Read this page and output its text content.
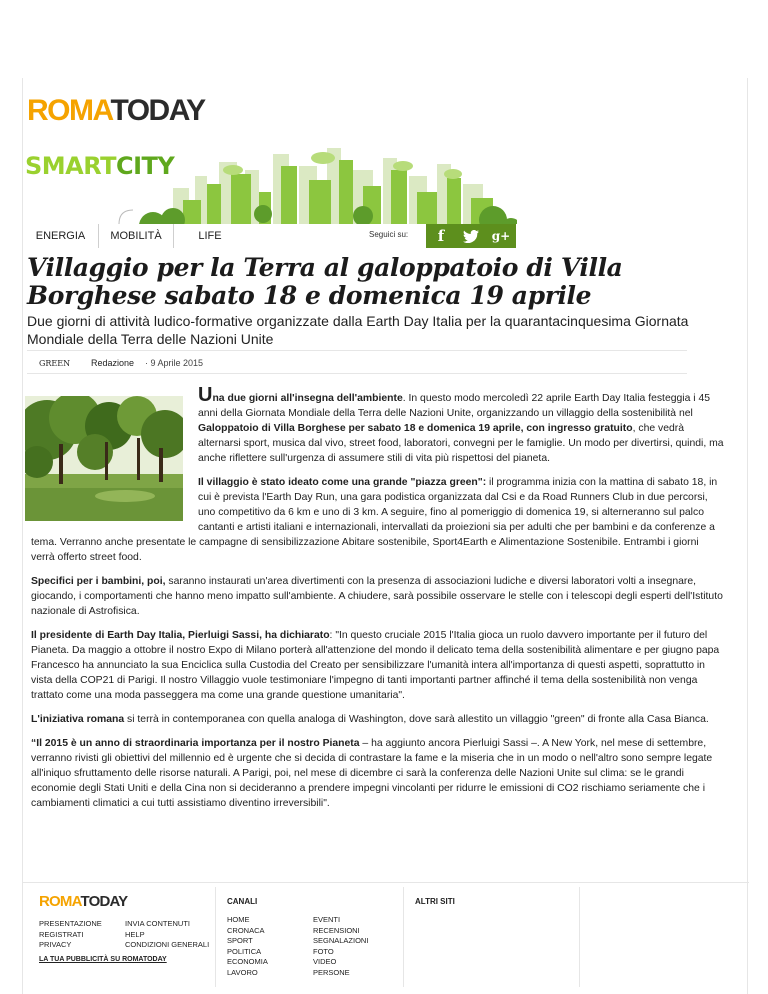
ROMATODAY
SMARTCITY
ENERGIA	MOBILITÀ	LIFE	Seguici su:	f	g+
Villaggio per la Terra al galoppatoio di Villa Borghese sabato 18 e domenica 19 aprile
Due giorni di attività ludico-formative organizzate dalla Earth Day Italia per la quarantacinquesima Giornata Mondiale della Terra delle Nazioni Unite
GREEN Redazione · 9 Aprile 2015

Una due giorni all'insegna dell'ambiente. In questo modo mercoledì 22 aprile Earth Day Italia festeggia i 45 anni della Giornata Mondiale della Terra delle Nazioni Unite, organizzando un villaggio della sostenibilità nel Galoppatoio di Villa Borghese per sabato 18 e domenica 19 aprile, con ingresso gratuito, che vedrà alternarsi sport, musica dal vivo, street food, laboratori, convegni per le famiglie. Un modo per divertirsi, quindi, ma anche riflettere sull'urgenza di assumere stili di vita più rispettosi del pianeta.

Il villaggio è stato ideato come una grande "piazza green": il programma inizia con la mattina di sabato 18, in cui è prevista l'Earth Day Run, una gara podistica organizzata dal Csi e da Road Runners Club in due percorsi, uno competitivo da 6 km e uno di 3 km. A seguire, fino al pomeriggio di domenica 19, si alterneranno sul palco cantanti e artisti italiani e internazionali, intervallati da proiezioni sia per adulti che per bambini e da conferenze a tema. Verranno anche presentate le campagne di sensibilizzazione Abitare sostenibile, Sport4Earth e Alimentazione Sostenibile. Entrambi i giorni verrà offerto street food.

Specifici per i bambini, poi, saranno instaurati un'area divertimenti con la presenza di associazioni ludiche e diversi laboratori volti a insegnare, giocando, i comportamenti che hanno meno impatto sull'ambiente. A chiudere, sarà possibile osservare le stelle con i telescopi degli esperti dell'Istituto nazionale di Astrofisica.

Il presidente di Earth Day Italia, Pierluigi Sassi, ha dichiarato: "In questo cruciale 2015 l'Italia gioca un ruolo davvero importante per il futuro del Pianeta. Da maggio a ottobre il nostro Expo di Milano porterà all'attenzione del mondo il delicato tema della sostenibilità alimentare e per giugno papa Francesco ha annunciato la sua Enciclica sulla Custodia del Creato per sensibilizzare l'umanità intera all'importanza di questi aspetti, soprattutto in vista della COP21 di Parigi. Il nostro Villaggio vuole testimoniare l'impegno di tanti importanti partner affinché il tema della sostenibilità non venga trattato come una moda passeggera ma come una grande questione umanitaria".

L'iniziativa romana si terrà in contemporanea con quella analoga di Washington, dove sarà allestito un villaggio "green" di fronte alla Casa Bianca.

“Il 2015 è un anno di straordinaria importanza per il nostro Pianeta – ha aggiunto ancora Pierluigi Sassi –. A New York, nel mese di settembre, verranno rivisti gli obiettivi del millennio ed è urgente che si decida di contrastare la fame e la miseria che in un modo o nell'altro sono sempre legate all'iniquo sfruttamento delle risorse naturali. A Parigi, poi, nel mese di dicembre ci sarà la conferenza delle Nazioni Unite sul clima: se le grandi economie degli Stati Uniti e della Cina non si decideranno a prendere impegni vincolanti per ridurre le emissioni di CO2 rischiamo seriamente che i cambiamenti climatici a cui tutti assistiamo diventino irreversibili".

ROMATODAY
PRESENTAZIONE
REGISTRATI
PRIVACY
INVIA CONTENUTI
HELP
CONDIZIONI GENERALI
LA TUA PUBBLICITÀ SU ROMATODAY
CANALI
HOME
CRONACA
SPORT
POLITICA
ECONOMIA
LAVORO
EVENTI
RECENSIONI
SEGNALAZIONI
FOTO
VIDEO
PERSONE
ALTRI SITI
